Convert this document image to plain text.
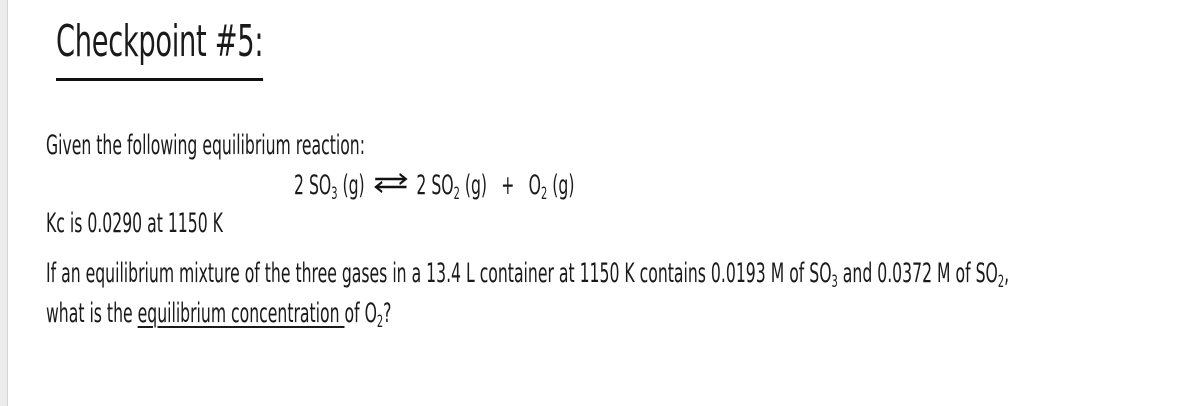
Checkpoint #5:
Given the following equilibrium reaction:
2 $SO_3$ (g) ⇌ 2 $SO_2$ $(g) + O_2$ (g)
Kc is 0.0290 at 1150 K
If an equilibrium mixture of the three gases in a 13.4 L container at 1150 K contains 0.0193 M of $SO_3$ and 0.0372 M of $SO_2$,
what is the equilibrium concentration of $O_2$?
